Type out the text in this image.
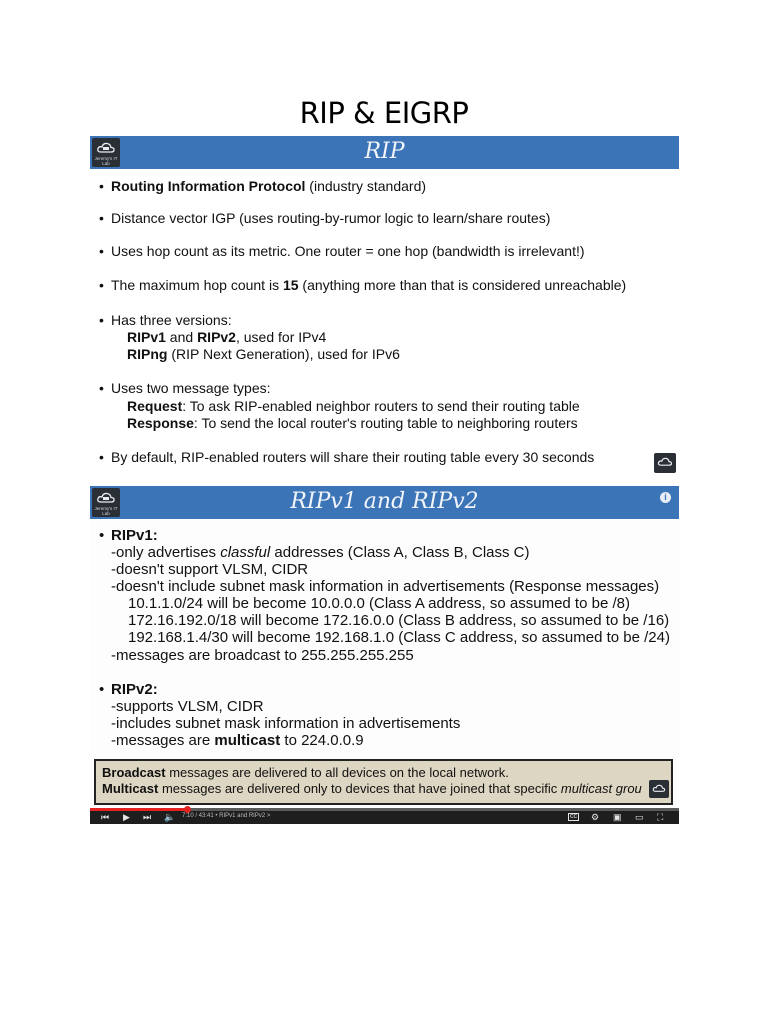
RIP & EIGRP
Jeremy's IT Lab	RIP
• Routing Information Protocol (industry standard)
• Distance vector IGP (uses routing-by-rumor logic to learn/share routes)
• Uses hop count as its metric. One router = one hop (bandwidth is irrelevant!)
• The maximum hop count is 15 (anything more than that is considered unreachable)
• Has three versions:
RIPv1 and RIPv2, used for IPv4
RIPng (RIP Next Generation), used for IPv6
• Uses two message types:
Request: To ask RIP-enabled neighbor routers to send their routing table
Response: To send the local router's routing table to neighboring routers
• By default, RIP-enabled routers will share their routing table every 30 seconds
Jeremy's IT Lab	RIPv1 and RIPv2	i
• RIPv1:
-only advertises classful addresses (Class A, Class B, Class C)
-doesn't support VLSM, CIDR
-doesn't include subnet mask information in advertisements (Response messages)
10.1.1.0/24 will be become 10.0.0.0 (Class A address, so assumed to be /8)
172.16.192.0/18 will become 172.16.0.0 (Class B address, so assumed to be /16)
192.168.1.4/30 will become 192.168.1.0 (Class C address, so assumed to be /24)
-messages are broadcast to 255.255.255.255
• RIPv2:
-supports VLSM, CIDR
-includes subnet mask information in advertisements
-messages are multicast to 224.0.0.9
Broadcast messages are delivered to all devices on the local network.
Multicast messages are delivered only to devices that have joined that specific multicast grou
⏮ ▶ ⏭ 🔈 7:10 / 43:41 • RIPv1 and RIPv2 >	cc ⚙ ▣ ▭ ⛶
